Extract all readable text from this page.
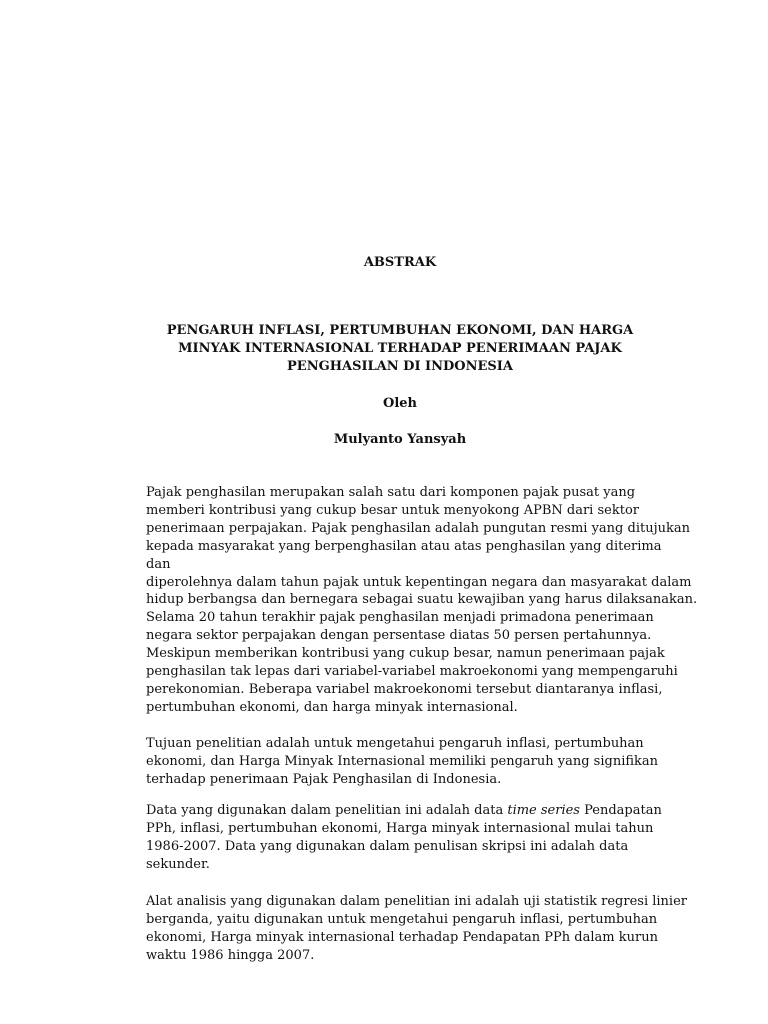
ABSTRAK
PENGARUH INFLASI, PERTUMBUHAN EKONOMI, DAN HARGA
MINYAK INTERNASIONAL TERHADAP PENERIMAAN PAJAK
PENGHASILAN DI INDONESIA

Oleh

Mulyanto Yansyah

Pajak penghasilan merupakan salah satu dari komponen pajak pusat yang
memberi kontribusi yang cukup besar untuk menyokong APBN dari sektor
penerimaan perpajakan. Pajak penghasilan adalah pungutan resmi yang ditujukan
kepada masyarakat yang berpenghasilan atau atas penghasilan yang diterima
dan
diperolehnya dalam tahun pajak untuk kepentingan negara dan masyarakat dalam
hidup berbangsa dan bernegara sebagai suatu kewajiban yang harus dilaksanakan.
Selama 20 tahun terakhir pajak penghasilan menjadi primadona penerimaan
negara sektor perpajakan dengan persentase diatas 50 persen pertahunnya.
Meskipun memberikan kontribusi yang cukup besar, namun penerimaan pajak
penghasilan tak lepas dari variabel-variabel makroekonomi yang mempengaruhi
perekonomian. Beberapa variabel makroekonomi tersebut diantaranya inflasi,
pertumbuhan ekonomi, dan harga minyak internasional.

Tujuan penelitian adalah untuk mengetahui pengaruh inflasi, pertumbuhan
ekonomi, dan Harga Minyak Internasional memiliki pengaruh yang signifikan
terhadap penerimaan Pajak Penghasilan di Indonesia.

Data yang digunakan dalam penelitian ini adalah data time series Pendapatan
PPh, inflasi, pertumbuhan ekonomi, Harga minyak internasional mulai tahun
1986-2007. Data yang digunakan dalam penulisan skripsi ini adalah data
sekunder.

Alat analisis yang digunakan dalam penelitian ini adalah uji statistik regresi linier
berganda, yaitu digunakan untuk mengetahui pengaruh inflasi, pertumbuhan
ekonomi, Harga minyak internasional terhadap Pendapatan PPh dalam kurun
waktu 1986 hingga 2007.
